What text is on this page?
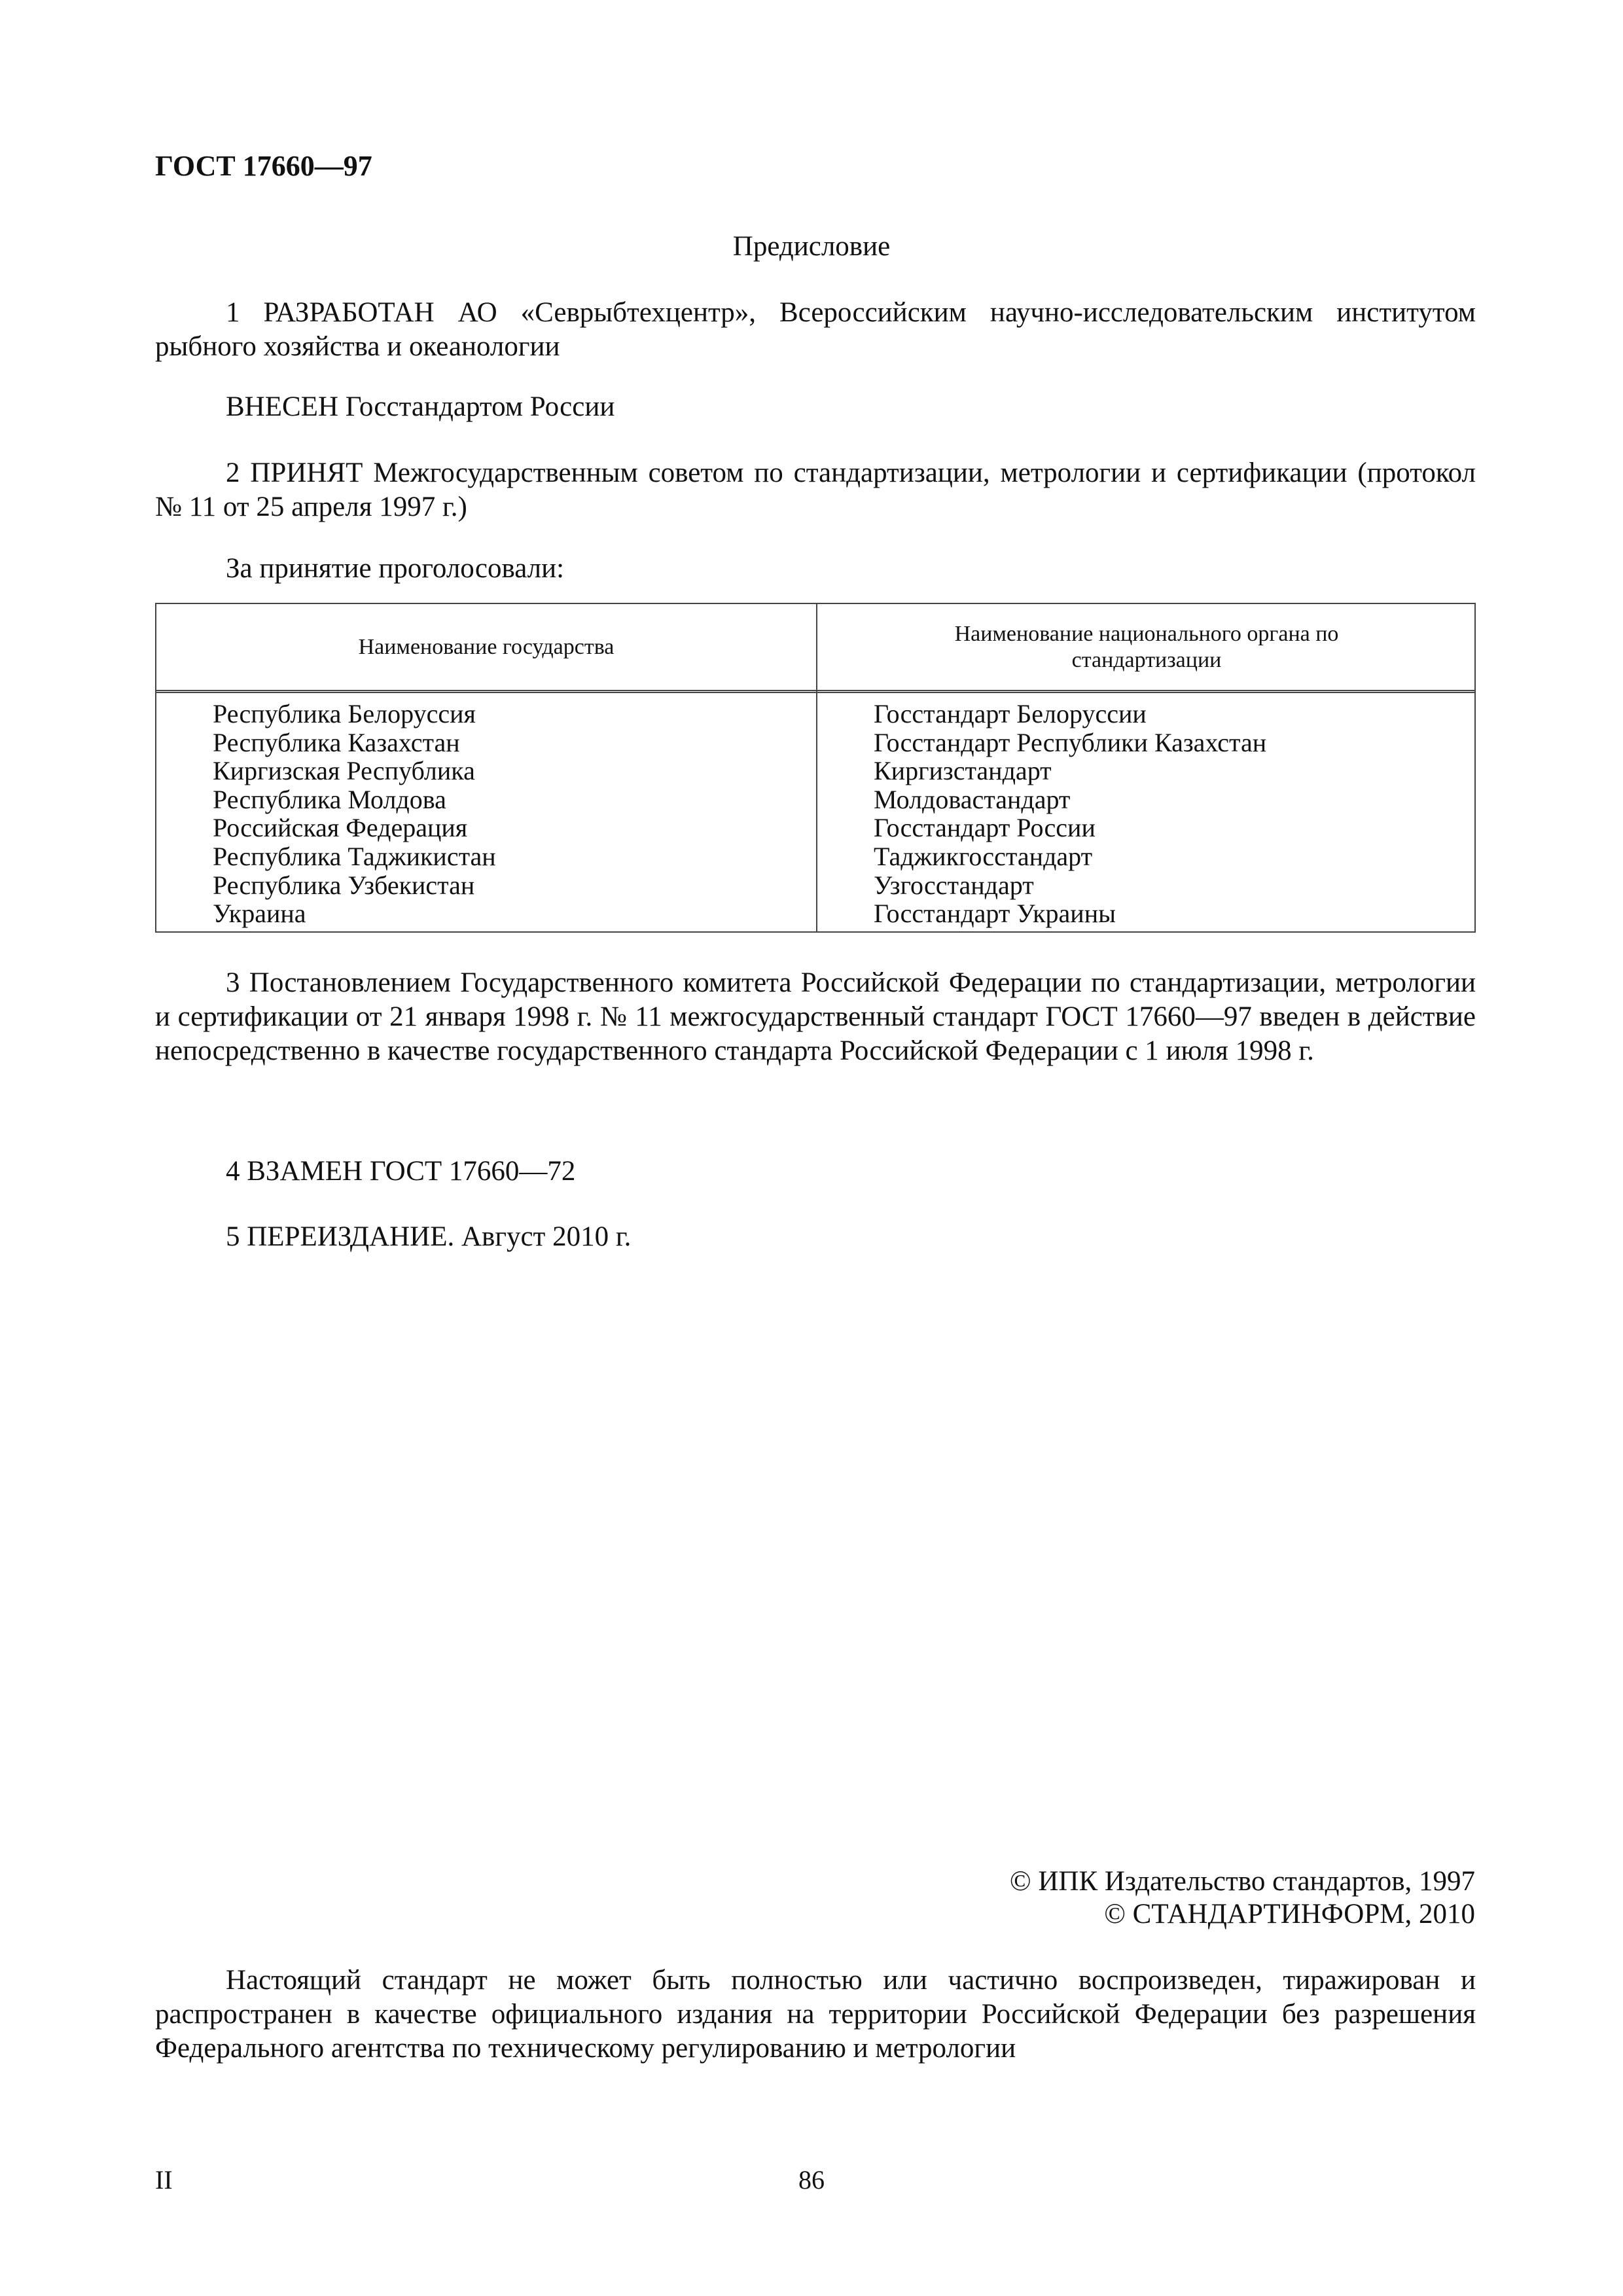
ГОСТ 17660—97
Предисловие
1 РАЗРАБОТАН АО «Севрыбтехцентр», Всероссийским научно-исследовательским институтом рыбного хозяйства и океанологии
ВНЕСЕН Госстандартом России
2 ПРИНЯТ Межгосударственным советом по стандартизации, метрологии и сертификации (протокол № 11 от 25 апреля 1997 г.)
За принятие проголосовали:
Наименование государства
Наименование национального органа по стандартизации
Республика Белоруссия
Республика Казахстан
Киргизская Республика
Республика Молдова
Российская Федерация
Республика Таджикистан
Республика Узбекистан
Украина
Госстандарт Белоруссии
Госстандарт Республики Казахстан
Киргизстандарт
Молдовастандарт
Госстандарт России
Таджикгосстандарт
Узгосстандарт
Госстандарт Украины
3 Постановлением Государственного комитета Российской Федерации по стандартизации, метрологии и сертификации от 21 января 1998 г. № 11 межгосударственный стандарт ГОСТ 17660—97 введен в действие непосредственно в качестве государственного стандарта Российской Федерации с 1 июля 1998 г.
4 ВЗАМЕН ГОСТ 17660—72
5 ПЕРЕИЗДАНИЕ. Август 2010 г.
© ИПК Издательство стандартов, 1997
© СТАНДАРТИНФОРМ, 2010
Настоящий стандарт не может быть полностью или частично воспроизведен, тиражирован и распространен в качестве официального издания на территории Российской Федерации без разрешения Федерального агентства по техническому регулированию и метрологии
II	86
